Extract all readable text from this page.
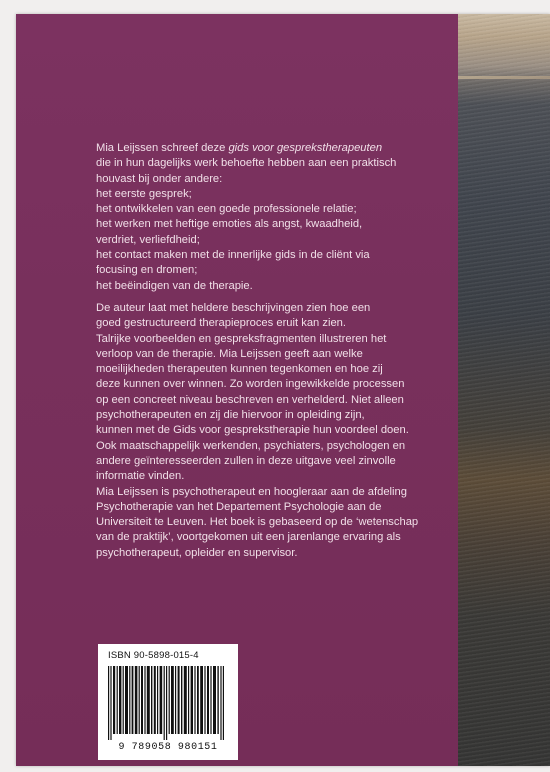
Mia Leijssen schreef deze gids voor gesprekstherapeuten

die in hun dagelijks werk behoefte hebben aan een praktisch

houvast bij onder andere:

het eerste gesprek;

het ontwikkelen van een goede professionele relatie;

het werken met heftige emoties als angst, kwaadheid,

verdriet, verliefdheid;

het contact maken met de innerlijke gids in de cliënt via

focusing en dromen;

het beëindigen van de therapie.

De auteur laat met heldere beschrijvingen zien hoe een

goed gestructureerd therapieproces eruit kan zien.

Talrijke voorbeelden en gespreksfragmenten illustreren het

verloop van de therapie. Mia Leijssen geeft aan welke

moeilijkheden therapeuten kunnen tegenkomen en hoe zij

deze kunnen over winnen. Zo worden ingewikkelde processen

op een concreet niveau beschreven en verhelderd. Niet alleen

psychotherapeuten en zij die hiervoor in opleiding zijn,

kunnen met de Gids voor gesprekstherapie hun voordeel doen.

Ook maatschappelijk werkenden, psychiaters, psychologen en

andere geïnteresseerden zullen in deze uitgave veel zinvolle

informatie vinden.

Mia Leijssen is psychotherapeut en hoogleraar aan de afdeling

Psychotherapie van het Departement Psychologie aan de

Universiteit te Leuven. Het boek is gebaseerd op de ‘wetenschap

van de praktijk’, voortgekomen uit een jarenlange ervaring als

psychotherapeut, opleider en supervisor.

ISBN 90-5898-015-4
9 789058 980151
